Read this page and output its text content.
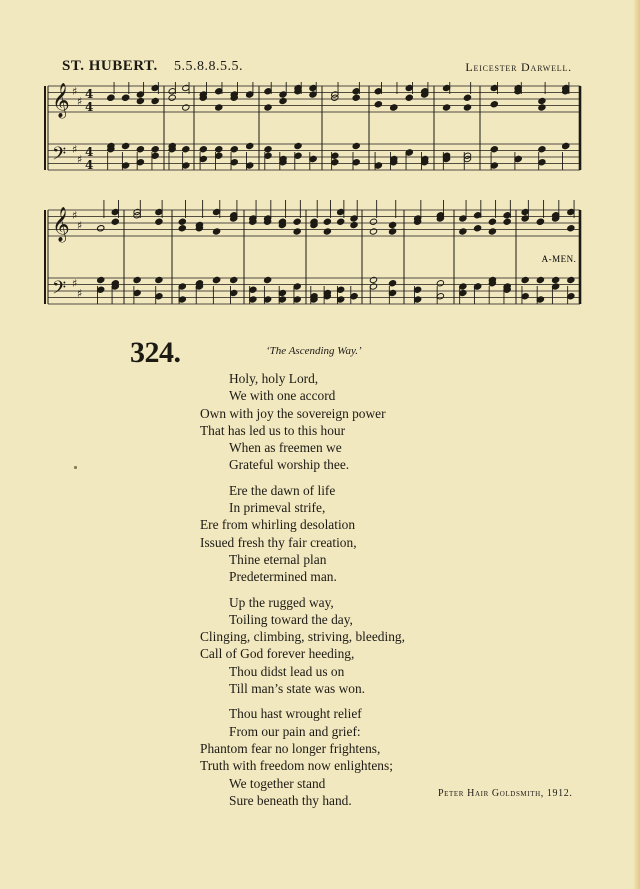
ST. HUBERT. 5.5.8.8.5.5.	Leicester Darwell.
𝄞 ♯
♯
4
4
𝄢 ♯
♯
4
4
𝄞 ♯
♯
𝄢 ♯
♯
A-MEN.
324.	‘The Ascending Way.’
Holy, holy Lord,
We with one accord
Own with joy the sovereign power
That has led us to this hour
When as freemen we
Grateful worship thee.
Ere the dawn of life
In primeval strife,
Ere from whirling desolation
Issued fresh thy fair creation,
Thine eternal plan
Predetermined man.
Up the rugged way,
Toiling toward the day,
Clinging, climbing, striving, bleeding,
Call of God forever heeding,
Thou didst lead us on
Till man’s state was won.
Thou hast wrought relief
From our pain and grief:
Phantom fear no longer frightens,
Truth with freedom now enlightens;
We together stand
Sure beneath thy hand.	Peter Hair Goldsmith, 1912.
